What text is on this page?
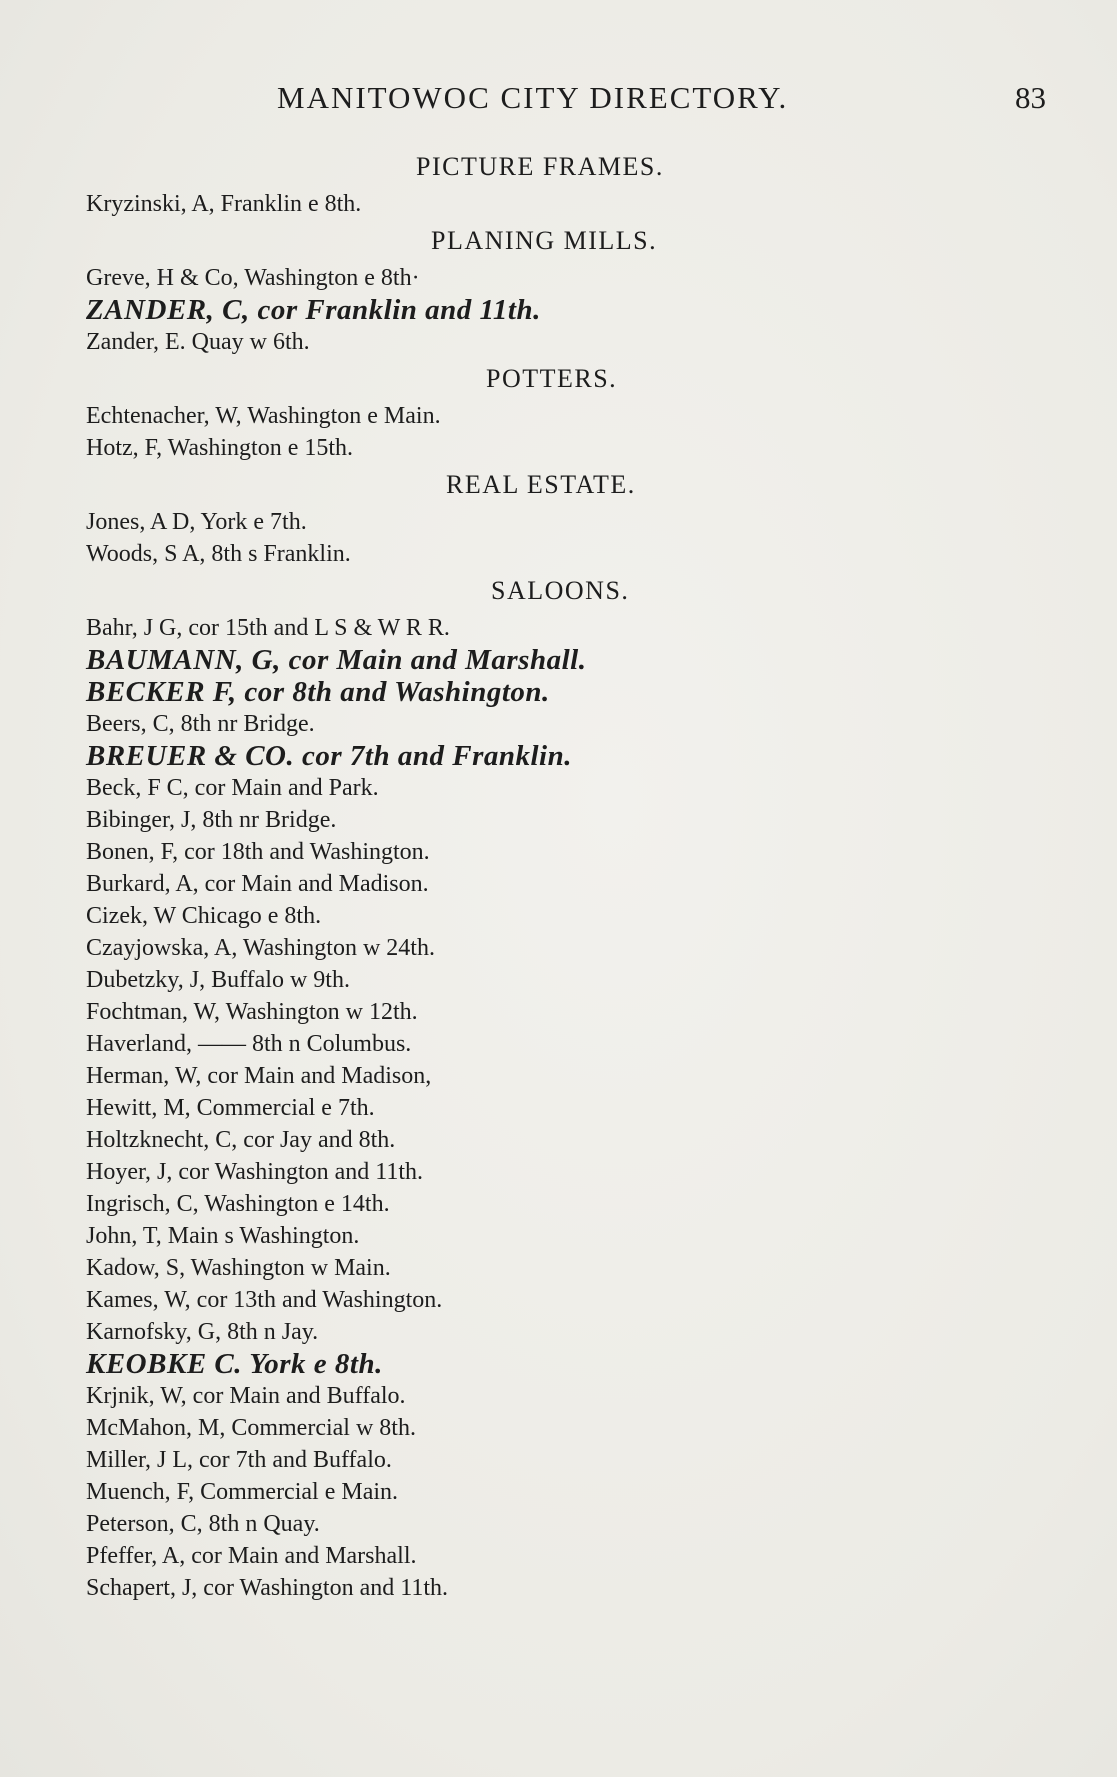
MANITOWOC CITY DIRECTORY.	83
PICTURE FRAMES.
Kryzinski, A, Franklin e 8th.
PLANING MILLS.
Greve, H & Co, Washington e 8th·
ZANDER, C, cor Franklin and 11th.
Zander, E. Quay w 6th.
POTTERS.
Echtenacher, W, Washington e Main.
Hotz, F, Washington e 15th.
REAL ESTATE.
Jones, A D, York e 7th.
Woods, S A, 8th s Franklin.
SALOONS.
Bahr, J G, cor 15th and L S & W R R.
BAUMANN, G, cor Main and Marshall.
BECKER F, cor 8th and Washington.
Beers, C, 8th nr Bridge.
BREUER & CO. cor 7th and Franklin.
Beck, F C, cor Main and Park.
Bibinger, J, 8th nr Bridge.
Bonen, F, cor 18th and Washington.
Burkard, A, cor Main and Madison.
Cizek, W Chicago e 8th.
Czayjowska, A, Washington w 24th.
Dubetzky, J, Buffalo w 9th.
Fochtman, W, Washington w 12th.
Haverland, —— 8th n Columbus.
Herman, W, cor Main and Madison,
Hewitt, M, Commercial e 7th.
Holtzknecht, C, cor Jay and 8th.
Hoyer, J, cor Washington and 11th.
Ingrisch, C, Washington e 14th.
John, T, Main s Washington.
Kadow, S, Washington w Main.
Kames, W, cor 13th and Washington.
Karnofsky, G, 8th n Jay.
KEOBKE C. York e 8th.
Krjnik, W, cor Main and Buffalo.
McMahon, M, Commercial w 8th.
Miller, J L, cor 7th and Buffalo.
Muench, F, Commercial e Main.
Peterson, C, 8th n Quay.
Pfeffer, A, cor Main and Marshall.
Schapert, J, cor Washington and 11th.
